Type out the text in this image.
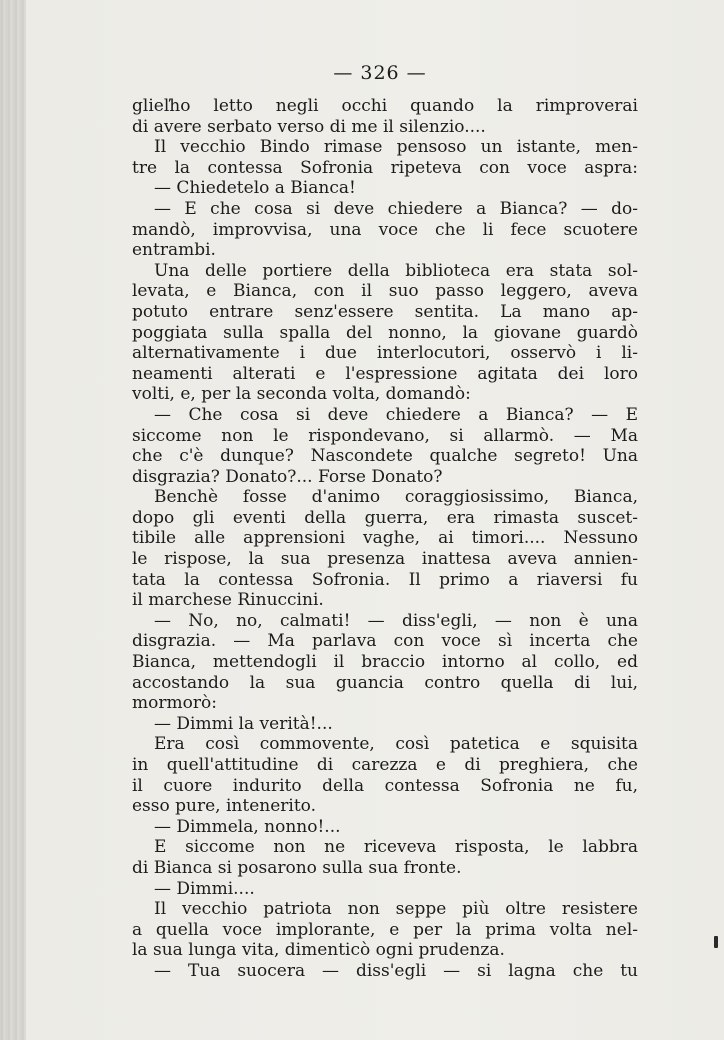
— 326 —
glieľho letto negli occhi quando la rimproverai
di avere serbato verso di me il silenzio....
Il vecchio Bindo rimase pensoso un istante, men-
tre la contessa Sofronia ripeteva con voce aspra:
— Chiedetelo a Bianca!
— E che cosa si deve chiedere a Bianca? — do-
mandò, improvvisa, una voce che li fece scuotere
entrambi.
Una delle portiere della biblioteca era stata sol-
levata, e Bianca, con il suo passo leggero, aveva
potuto entrare senz'essere sentita. La mano ap-
poggiata sulla spalla del nonno, la giovane guardò
alternativamente i due interlocutori, osservò i li-
neamenti alterati e l'espressione agitata dei loro
volti, e, per la seconda volta, domandò:
— Che cosa si deve chiedere a Bianca? — E
siccome non le rispondevano, si allarmò. — Ma
che c'è dunque? Nascondete qualche segreto! Una
disgrazia? Donato?... Forse Donato?
Benchè fosse d'animo coraggiosissimo, Bianca,
dopo gli eventi della guerra, era rimasta suscet-
tibile alle apprensioni vaghe, ai timori.... Nessuno
le rispose, la sua presenza inattesa aveva annien-
tata la contessa Sofronia. Il primo a riaversi fu
il marchese Rinuccini.
— No, no, calmati! — diss'egli, — non è una
disgrazia. — Ma parlava con voce sì incerta che
Bianca, mettendogli il braccio intorno al collo, ed
accostando la sua guancia contro quella di lui,
mormorò:
— Dimmi la verità!...
Era così commovente, così patetica e squisita
in quell'attitudine di carezza e di preghiera, che
il cuore indurito della contessa Sofronia ne fu,
esso pure, intenerito.
— Dimmela, nonno!...
E siccome non ne riceveva risposta, le labbra
di Bianca si posarono sulla sua fronte.
— Dimmi....
Il vecchio patriota non seppe più oltre resistere
a quella voce implorante, e per la prima volta nel-
la sua lunga vita, dimenticò ogni prudenza.
— Tua suocera — diss'egli — si lagna che tu
